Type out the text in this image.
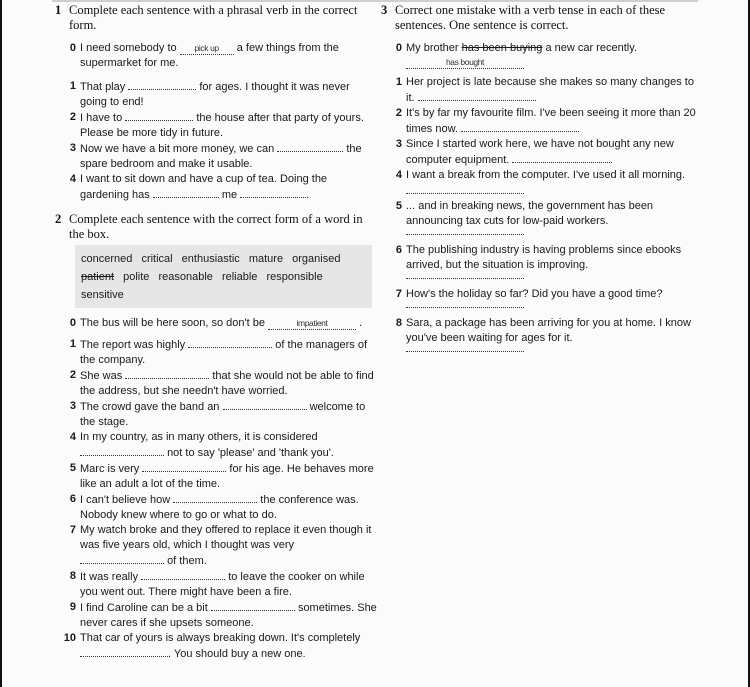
1 Complete each sentence with a phrasal verb in the correct form.
0 I need somebody to pick up a few things from the supermarket for me.
1 That play	for ages. I thought it was never going to end!
2 I have to	the house after that party of yours. Please be more tidy in future.
3 Now we have a bit more money, we can	the spare bedroom and make it usable.
4 I want to sit down and have a cup of tea. Doing the gardening has	me	.
2 Complete each sentence with the correct form of a word in the box.
concerned critical enthusiastic mature organised patient polite reasonable reliable responsible sensitive
0 The bus will be here soon, so don't be	impatient	.
1 The report was highly	of the managers of the company.
2 She was	that she would not be able to find the address, but she needn't have worried.
3 The crowd gave the band an	welcome to the stage.
4 In my country, as in many others, it is considered  not to say 'please' and 'thank you'.
5 Marc is very	for his age. He behaves more like an adult a lot of the time.
6 I can't believe how	the conference was. Nobody knew where to go or what to do.
7 My watch broke and they offered to replace it even though it was five years old, which I thought was very  of them.
8 It was really	to leave the cooker on while you went out. There might have been a fire.
9 I find Caroline can be a bit	sometimes. She never cares if she upsets someone.
10 That car of yours is always breaking down. It's completely . You should buy a new one.
3 Correct one mistake with a verb tense in each of these sentences. One sentence is correct.
0 My brother has been buying a new car recently.
has bought
1 Her project is late because she makes so many changes to it.
2 It's by far my favourite film. I've been seeing it more than 20 times now.
3 Since I started work here, we have not bought any new computer equipment.
4 I want a break from the computer. I've used it all morning.
5 ... and in breaking news, the government has been announcing tax cuts for low-paid workers.
6 The publishing industry is having problems since ebooks arrived, but the situation is improving.
7 How's the holiday so far? Did you have a good time?
8 Sara, a package has been arriving for you at home. I know you've been waiting for ages for it.
